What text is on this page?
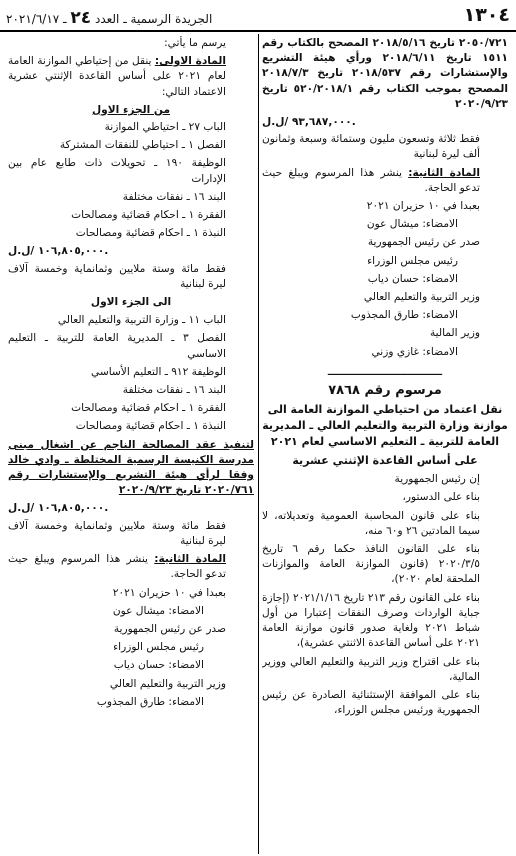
١٣٠٤
الجريدة الرسمية ـ العدد ٢٤ ـ ٢٠٢١/٦/١٧

٢٠٥٠/٧٢١ تاريخ ٢٠١٨/٥/١٦ المصحح بالكتاب رقم ١٥١١ تاريخ ٢٠١٨/٦/١١ ورأي هيئة التشريع والإستشارات رقم ٢٠١٨/٥٣٧ تاريخ ٢٠١٨/٧/٣ المصحح بموجب الكتاب رقم ٥٢٠/٢٠١٨/١ تاريخ ٢٠٢٠/٩/٢٣

٩٣,٦٨٧,٠٠٠ /ل.ل.

فقط ثلاثة وتسعون مليون وستمائة وسبعة وثمانون ألف ليرة لبنانية

المادة الثانية: ينشر هذا المرسوم ويبلغ حيث تدعو الحاجة.

بعبدا في ١٠ حزيران ٢٠٢١

الامضاء: ميشال عون

صدر عن رئيس الجمهورية

رئيس مجلس الوزراء

الامضاء: حسان دياب

وزير التربية والتعليم العالي

الامضاء: طارق المجذوب

وزير المالية

الامضاء: غازي وزني

ــــــــــــــــــــــــــــــ

مرسوم رقم ٧٨٦٨

نقل اعتماد من احتياطي الموازنة العامة الى موازنة وزارة التربية والتعليم العالي ـ المديرية العامة للتربية ـ التعليم الاساسي لعام ٢٠٢١

على أساس القاعدة الإثنتي عشرية

إن رئيس الجمهورية

بناء على الدستور،

بناء على قانون المحاسبة العمومية وتعديلاته، لا سيما المادتين ٢٦ و٦٠ منه،

بناء على القانون النافذ حكما رقم ٦ تاريخ ٢٠٢٠/٣/٥ (قانون الموازنة العامة والموازنات الملحقة لعام ٢٠٢٠)،

بناء على القانون رقم ٢١٣ تاريخ ٢٠٢١/١/١٦ (إجازة جباية الواردات وصرف النفقات إعتبارا من أول شباط ٢٠٢١ ولغاية صدور قانون موازنة العامة ٢٠٢١ على أساس القاعدة الاثنتي عشرية)،

بناء على اقتراح وزير التربية والتعليم العالي ووزير المالية،

بناء على الموافقة الإستثنائية الصادرة عن رئيس الجمهورية ورئيس مجلس الوزراء،

يرسم ما يأتي:

المادة الاولى: ينقل من إحتياطي الموازنة العامة لعام ٢٠٢١ على أساس القاعدة الإثنتي عشرية الاعتماد التالي:

من الجزء الاول

الباب ٢٧ ـ احتياطي الموازنة

الفصل ١ ـ احتياطي للنفقات المشتركة

الوظيفة ١٩٠ ـ تحويلات ذات طابع عام بين الإدارات

البند ١٦ ـ نفقات مختلفة

الفقرة ١ ـ احكام قضائية ومصالحات

النبذة ١ ـ احكام قضائية ومصالحات

١٠٦,٨٠٥,٠٠٠ /ل.ل.

فقط مائة وستة ملايين وثمانماية وخمسة آلاف ليرة لبنانية

الى الجزء الاول

الباب ١١ ـ وزارة التربية والتعليم العالي

الفصل ٣ ـ المديرية العامة للتربية ـ التعليم الاساسي

الوظيفة ٩١٢ ـ التعليم الأساسي

البند ١٦ ـ نفقات مختلفة

الفقرة ١ ـ احكام قضائية ومصالحات

النبذة ١ ـ احكام قضائية ومصالحات

لتنفيذ عقد المصالحة الناجم عن اشغال مبنى مدرسة الكنيسة الرسمية المختلطة ـ وادي خالد وفقا لرأي هيئة التشريع والإستشارات رقم ٢٠٢٠/٧٦١ تاريخ ٢٠٢٠/٩/٢٣

١٠٦,٨٠٥,٠٠٠ /ل.ل.

فقط مائة وستة ملايين وثمانماية وخمسة آلاف ليرة لبنانية

المادة الثانية: ينشر هذا المرسوم ويبلغ حيث تدعو الحاجة.

بعبدا في ١٠ حزيران ٢٠٢١

الامضاء: ميشال عون

صدر عن رئيس الجمهورية

رئيس مجلس الوزراء

الامضاء: حسان دياب

وزير التربية والتعليم العالي

الامضاء: طارق المجذوب
